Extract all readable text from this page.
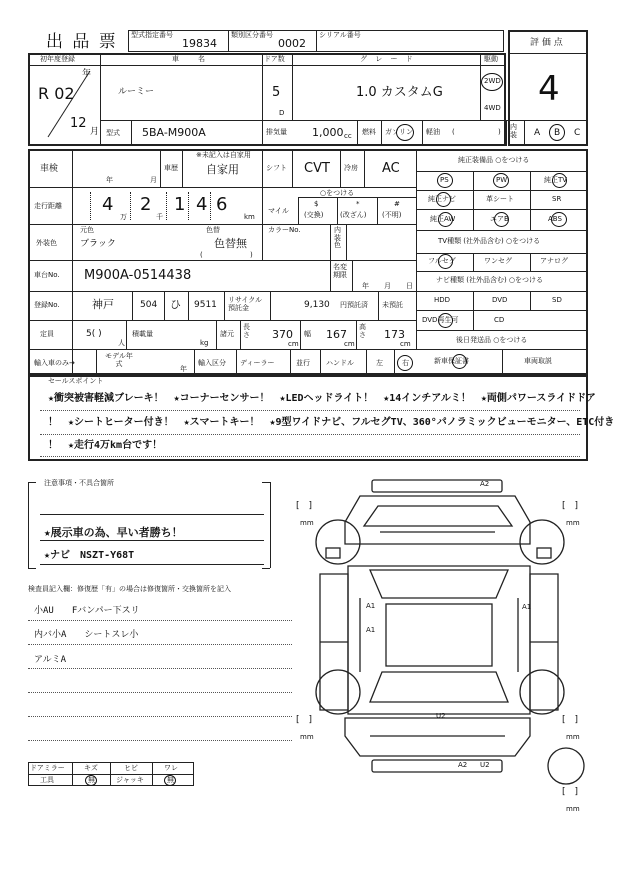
出 品 票 型式指定番号
19834
類別区分番号
0002
シリアル番号
評 価 点
4
初年度登録	車　名	ドア数	グ レ ー ド	駆動
年
R 02
12
月
ルーミー	5
D
1.0 カスタムG
2WD
4WD
型式 5BA-M900A	排気量 1,000 cc 燃料 ガソリン 軽油 (	)
内装	A B C
車検
年	月
車歴
※未記入は自家用
自家用	シフト CVT 冷房 AC
走行距離 4
万
2
千
1 4 6
km
マイル
○をつける
$
(交換)
*
(改ざん)
#
(不明)
外装色
元色
ブラック
色替
色替無
(	)
カラーNo.	内装色
車台No. M900A-0514438
名変期限
年 月 日
登録No.	神戸	504 ひ 9511 リサイクル預託金	9,130 円預託済 未預託
定員	5( )
人
積載量
kg
諸元
長さ 370
cm
幅 167
cm
高さ 173
cm
輸入車のみ→
モデル年式
年
輸入区分 ディーラー	並行 ハンドル	左	右
純正装備品 ○をつける
PS	PW	純正TV
純正ナビ	革シート	SR
純正AW	エアB	ABS
TV種類 (社外品含む) ○をつける
フルセグ	ワンセグ	アナログ
ナビ種類 (社外品含む) ○をつける
HDD	DVD	SD
DVD再生可	CD
後日発送品 ○をつける
新車保証書	車両取説
セールスポイント
★衝突被害軽減ブレーキ！　★コーナーセンサー！　★LEDヘッドライト！　★14インチアルミ！　★両側パワースライドドア
！　★シートヒーター付き！　★スマートキー！　★9型ワイドナビ、フルセグTV、360°パノラミックビューモニター、ETC付き
！　★走行4万km台です！
注意事項・不具合箇所
★展示車の為、早い者勝ち！
★ナビ　NSZT-Y68T
検査員記入欄：修復歴「有」の場合は修復箇所・交換箇所を記入
小AU　　Fバンパー下スリ
内バ小A　　シートスレ小
アルミA
ドアミラー	キズ	ヒビ	ワレ
工具	無	ジャッキ	無
A2
A1
A1
A1
U2
A2 U2
[　]
mm
[　]
mm
[　]
mm
[　]
mm
[　]
mm
